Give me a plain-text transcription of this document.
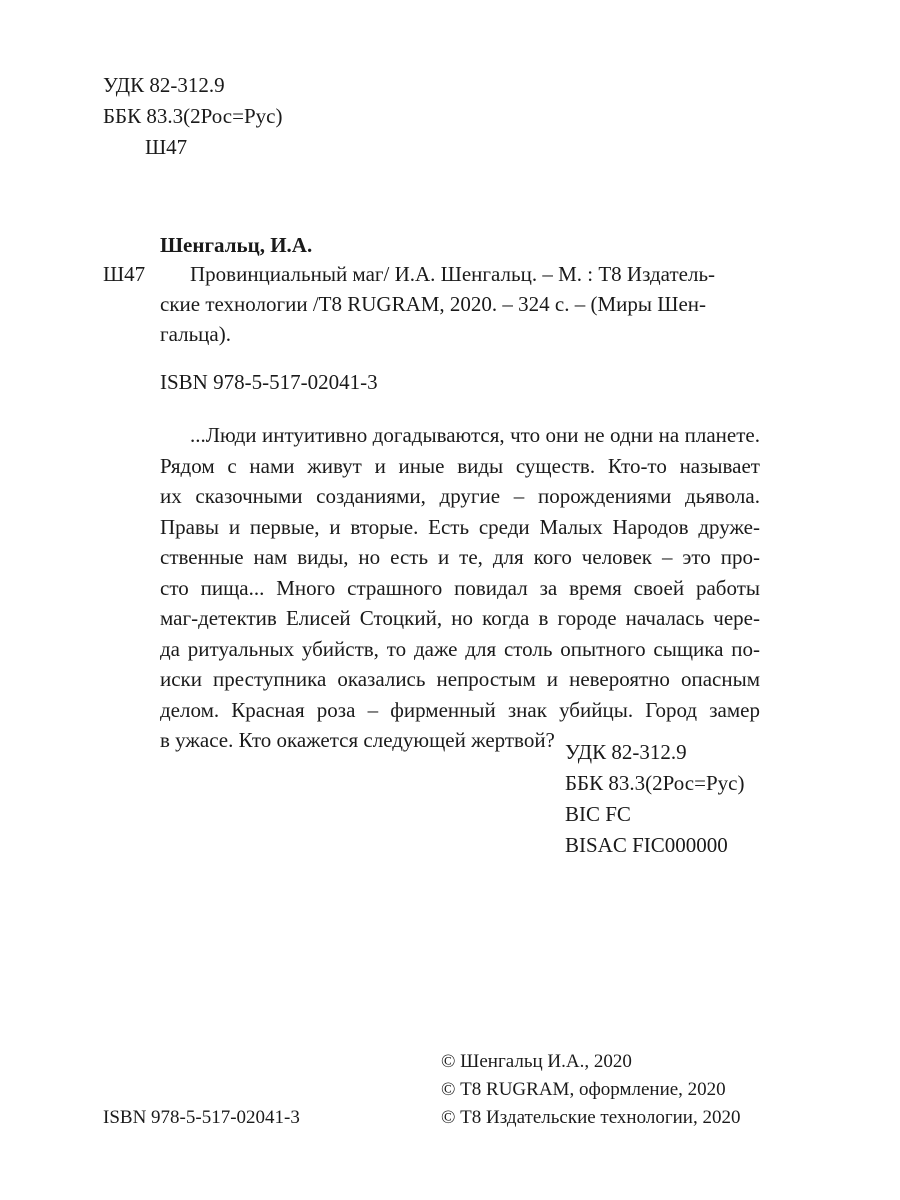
УДК 82-312.9
ББК 83.3(2Рос=Рус)
Ш47
Шенгальц, И.А.
Ш47	Провинциальный маг/ И.А. Шенгальц. – М. : Т8 Издатель-
ские технологии /Т8 RUGRAM, 2020. – 324 с. – (Миры Шен-
гальца).
ISBN 978-5-517-02041-3
...Люди интуитивно догадываются, что они не одни на планете.
Рядом с нами живут и иные виды существ. Кто-то называет
их сказочными созданиями, другие – порождениями дьявола.
Правы и первые, и вторые. Есть среди Малых Народов друже-
ственные нам виды, но есть и те, для кого человек – это про-
сто пища... Много страшного повидал за время своей работы
маг-детектив Елисей Стоцкий, но когда в городе началась чере-
да ритуальных убийств, то даже для столь опытного сыщика по-
иски преступника оказались непростым и невероятно опасным
делом. Красная роза – фирменный знак убийцы. Город замер
в ужасе. Кто окажется следующей жертвой? УДК 82-312.9
ББК 83.3(2Рос=Рус)
BIC FC
BISAC FIC000000
ISBN 978-5-517-02041-3
© Шенгальц И.А., 2020
© Т8 RUGRAM, оформление, 2020
© Т8 Издательские технологии, 2020
